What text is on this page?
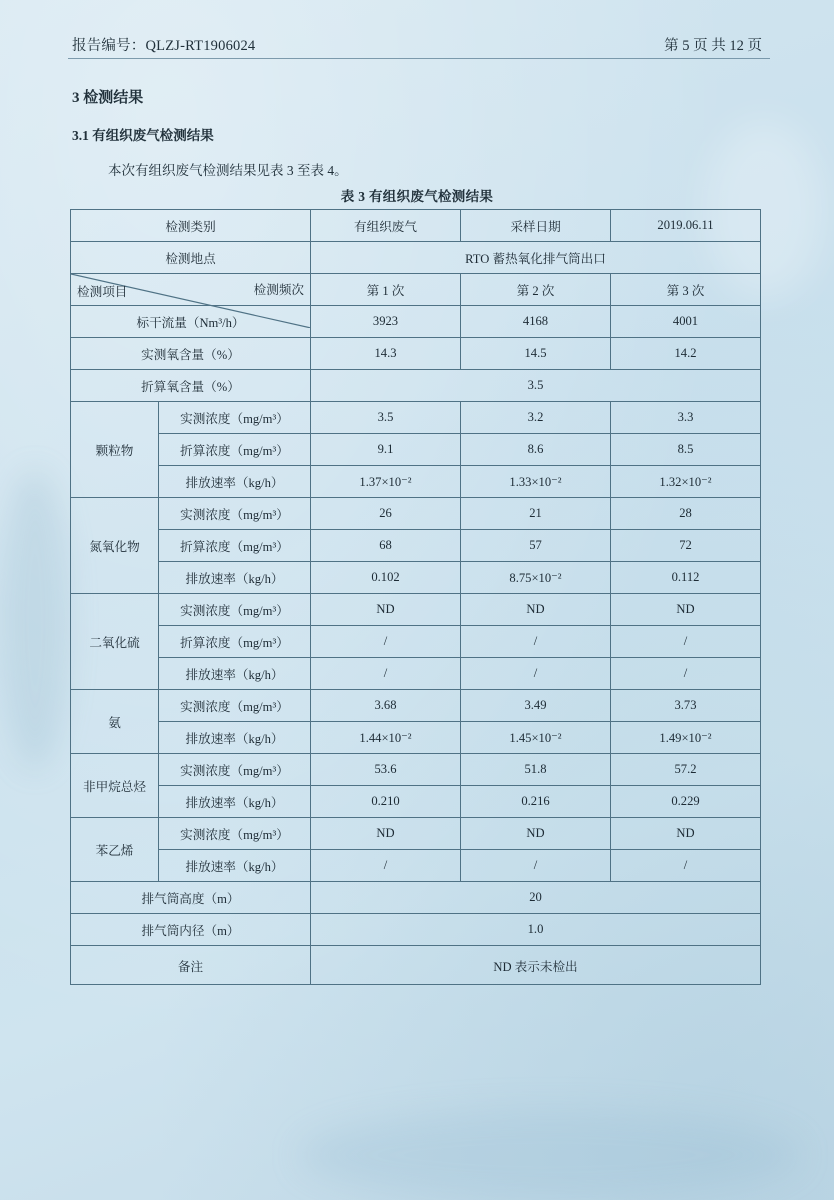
报告编号：QLZJ-RT1906024	第 5 页 共 12 页
3 检测结果
3.1 有组织废气检测结果

本次有组织废气检测结果见表 3 至表 4。

表 3 有组织废气检测结果
检测类别		有组织废气	采样日期	2019.06.11
检测地点		RTO 蓄热氧化排气筒出口		

检测频次
检测项目		第 1 次	第 2 次	第 3 次
标干流量（Nm³/h）		3923	4168	4001
实测氧含量（%）		14.3	14.5	14.2
折算氧含量（%）		3.5		
颗粒物	实测浓度（mg/m³）	3.5	3.2	3.3
	折算浓度（mg/m³）	9.1	8.6	8.5
	排放速率（kg/h）	1.37×10⁻²	1.33×10⁻²	1.32×10⁻²
氮氧化物	实测浓度（mg/m³）	26	21	28
	折算浓度（mg/m³）	68	57	72
	排放速率（kg/h）	0.102	8.75×10⁻²	0.112
二氧化硫	实测浓度（mg/m³）	ND	ND	ND
	折算浓度（mg/m³）	/	/	/
	排放速率（kg/h）	/	/	/
氨	实测浓度（mg/m³）	3.68	3.49	3.73
	排放速率（kg/h）	1.44×10⁻²	1.45×10⁻²	1.49×10⁻²
非甲烷总烃	实测浓度（mg/m³）	53.6	51.8	57.2
	排放速率（kg/h）	0.210	0.216	0.229
苯乙烯	实测浓度（mg/m³）	ND	ND	ND
	排放速率（kg/h）	/	/	/
排气筒高度（m）		20		
排气筒内径（m）		1.0		
备注		ND 表示未检出		
